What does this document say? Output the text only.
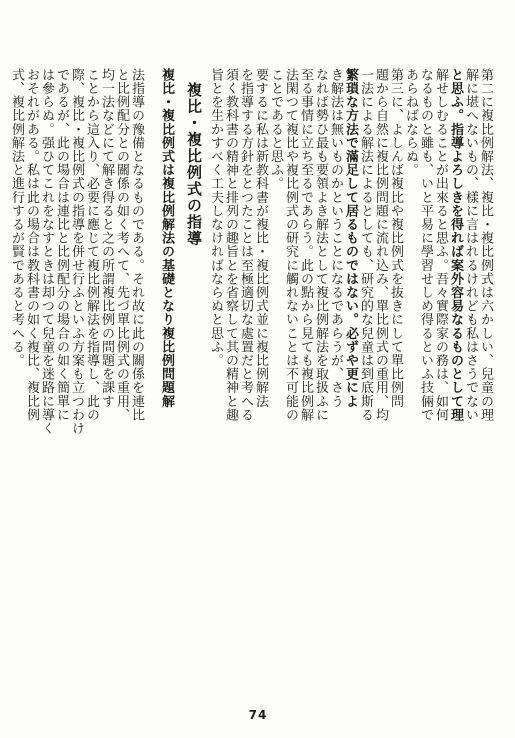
第二に複比例解法、複比・複比例式は六かしい、兒童の理
解に堪へないもの、樣に言はれるけれども私はさうでない
と思ふ。指導よろしきを得れば案外容易なるものとして理
解せしむることが出來ると思ふ。吾々實際家の務は、如何
なるものと雖も、いと平易に學習せしめ得るといふ技倆で
あらねばならぬ。
第三に、よしんば複比や複比例式を抜きにして單比例問
題から自然に複比例問題に流れ込み、單比例式の重用、均
一法による解法によるとしても、研究的な兒童は到底斯る
繁瑣な方法で滿足して居るものではない。必ずや更によ
き解法は無いものかということになるであらうが、さう
なれば勢ひ最も要領よき解法として複比例解法を取扱ふに
至る事情に立ち至るであらう。此の點から見ても複比例解
法閑つて複比や複比例式の研究に觸れないことは不可能の
ことであると思ふ。
要するに私は新教科書が複比・複比例式並に複比例解法
を指導する方針をとつたことは至極適切な處置だと考へる
須く教科書の精神と排列の趣旨とを省察して其の精神と趣
旨とを生かすべく工夫しなければならぬと思ふ。
複比・複比例式の指導
複比・複比例式は複比例解法の基礎となり複比例問題解
法指導の豫備となるものである。それ故に此の關係を連比
と比例配分との關係の如く考へて、先づ單比例式の重用、
均一法などにて解き得ると之の所謂複比例の問題を課す
ことから這入り、必要に應じて複比例解法を指導し、此の
際、複比・複比例式の指導を併せ行ふといふ方案も立つわけ
であるが、此の場合は連比と比例配分の場合の如く簡單に
は參らぬ。强ひてこれをなすときは却つて兒童を迷路に導く
おそれがある。私は此の場合は教科書の如く複比、複比例
式、複比例解法と進行するが賢であると考へる。
74
